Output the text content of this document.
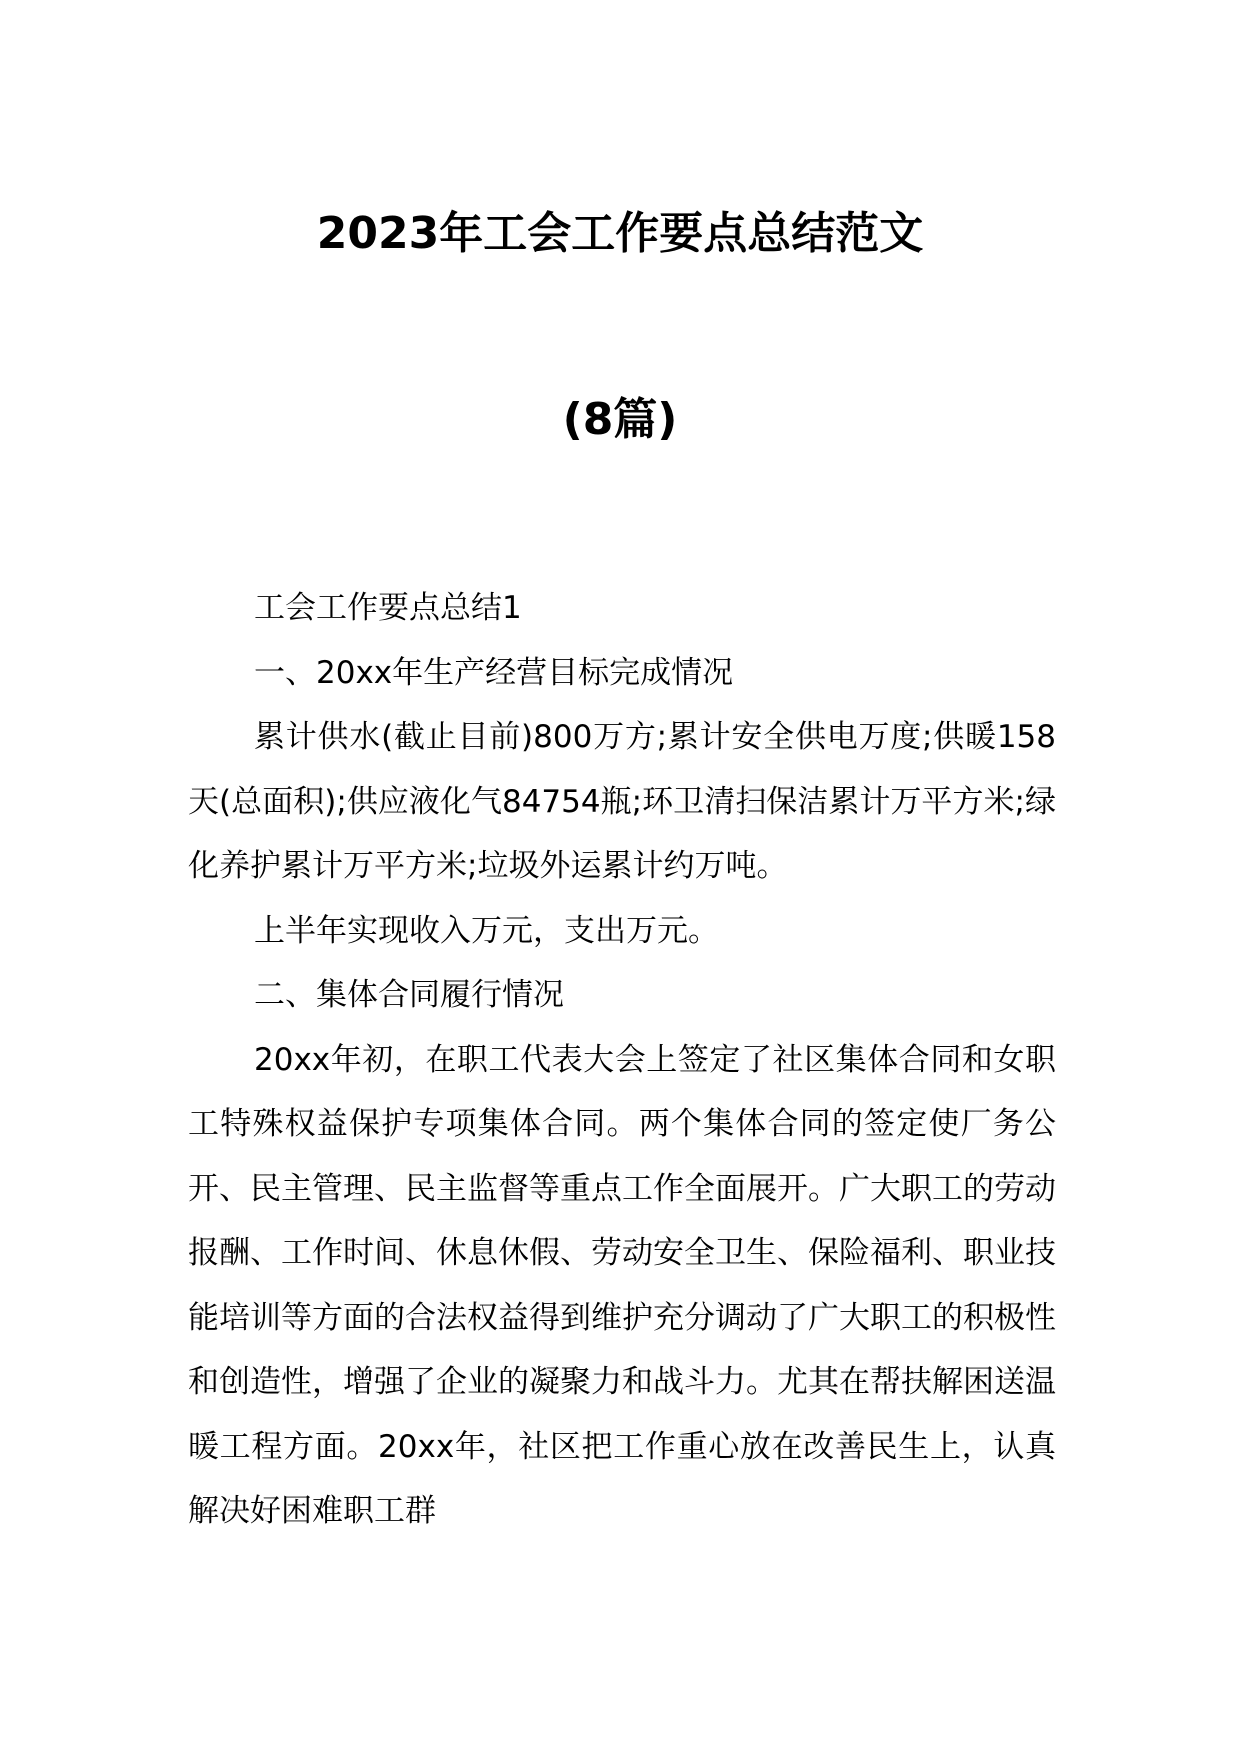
2023年工会工作要点总结范文
(8篇)

工会工作要点总结1

一、20xx年生产经营目标完成情况

累计供水(截止目前)800万方;累计安全供电万度;供暖158天(总面积);供应液化气84754瓶;环卫清扫保洁累计万平方米;绿化养护累计万平方米;垃圾外运累计约万吨。

上半年实现收入万元，支出万元。

二、集体合同履行情况

20xx年初，在职工代表大会上签定了社区集体合同和女职工特殊权益保护专项集体合同。两个集体合同的签定使厂务公开、民主管理、民主监督等重点工作全面展开。广大职工的劳动报酬、工作时间、休息休假、劳动安全卫生、保险福利、职业技能培训等方面的合法权益得到维护充分调动了广大职工的积极性和创造性，增强了企业的凝聚力和战斗力。尤其在帮扶解困送温暖工程方面。20xx年，社区把工作重心放在改善民生上，认真解决好困难职工群
